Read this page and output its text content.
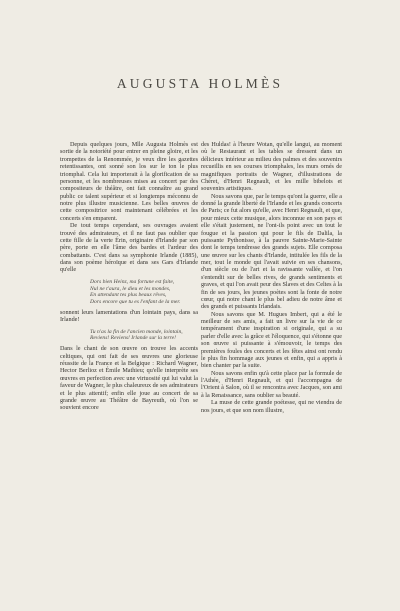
AUGUSTA HOLMÈS

Depuis quelques jours, Mlle Augusta Holmès est sortie de la notoriété pour entrer en pleine gloire, et les trompettes de la Renommée, je veux dire les gazettes retentissantes, ont sonné son los sur le ton le plus triomphal. Cela lui importerait à la glorification de sa personne, et les nombreuses mises au concert par des compositeurs de théâtre, ont fait connaître au grand public ce talent supérieur et si longtemps méconnu de notre plus illustre musicienne. Les belles œuvres de cette compositrice sont maintenant célébrées et les concerts s'en emparent.

De tout temps cependant, ses ouvrages avaient trouvé des admirateurs, et il ne faut pas oublier que cette fille de la verte Érin, originaire d'Irlande par son père, porte en elle l'âme des bardes et l'ardeur des combattants. C'est dans sa symphonie Irlande (1885), dans son poème héroïque et dans ses Gars d'Irlande qu'elle

Dors bien Heinz, ma fortune est faite,
Nul ne t'aura, le dieu et les mondes,
En attendant tes plus beaux rêves,
Dors encore que tu es l'enfant de la mer.

sonnent leurs lamentations d'un lointain pays, dans sa Irlande!

Tu n'as la fin de l'ancien monde, lointain,
Reviens! Reviens! Irlande sur la terre!

Dans le chant de son œuvre on trouve les accents celtiques, qui ont fait de ses œuvres une glorieuse réussite de la France et la Belgique : Richard Wagner, Hector Berlioz et Émile Mathieu; qu'elle interprète ses œuvres en perfection avec une virtuosité qui lui valut la faveur de Wagner, le plus chaleureux de ses admirateurs et le plus attentif; enfin elle joue au concert de sa grande œuvre au Théâtre de Bayreuth, où l'on se souvient encore

des Huldas! à l'heure Wotan, qu'elle langui, au moment où le Restaurant et les tables se dressent dans un délicieux intérieur au milieu des palmes et des souvenirs recueillis en ses courses triomphales, les murs ornés de magnifiques portraits de Wagner, d'illustrations de Chéret, d'Henri Regnault, et les mille bibelots et souvenirs artistiques.

Nous savons que, par le temps qu'ont la guerre, elle a donné la grande liberté de l'Irlande et les grands concerts de Paris; ce fut alors qu'elle, avec Henri Regnault, et que, pour mieux cette musique, alors inconnue en son pays et elle s'était justement, ne l'ont-ils point avec un tout le fougue et la passion qui pour le fils de Dalila, la puissante Pythonisse, à la pauvre Sainte-Marie-Sainte dont le temps tendresse des grands sujets. Elle composa une œuvre sur les chants d'Irlande, intitulée les fils de la mer, tout le monde qui l'avait suivie en ses chansons, d'un siècle ou de l'art et la ravissante vallée, et l'on s'entendit sur de belles rives, de grands sentiments et graves, et qui l'on avait peur des Slaves et des Celtes à la fin de ses jours, les jeunes poètes sont la fonte de notre cœur, qui notre chant le plus bel adieu de notre âme et des grands et puissants Irlandais.

Nous savons que M. Hugues Imbert, qui a été le meilleur de ses amis, a fait un livre sur la vie de ce tempérament d'une inspiration si originale, qui a su parler d'elle avec la grâce et l'éloquence, qui s'étonne que son œuvre si puissante à s'émouvoir, le temps des premières foules des concerts et les fêtes ainsi ont rendu le plus fin hommage aux jeunes et enfin, qui a appris à bien chanter par la suite.

Nous savons enfin qu'à cette place par la formule de l'Athée, d'Henri Regnault, et qui l'accompagna de l'Orient à Salon, où il se rencontra avec Jacques, son ami à la Renaissance, sans oublier sa beauté.

La muse de cette grande poétesse, qui ne viendra de nos jours, et que son nom illustre,
